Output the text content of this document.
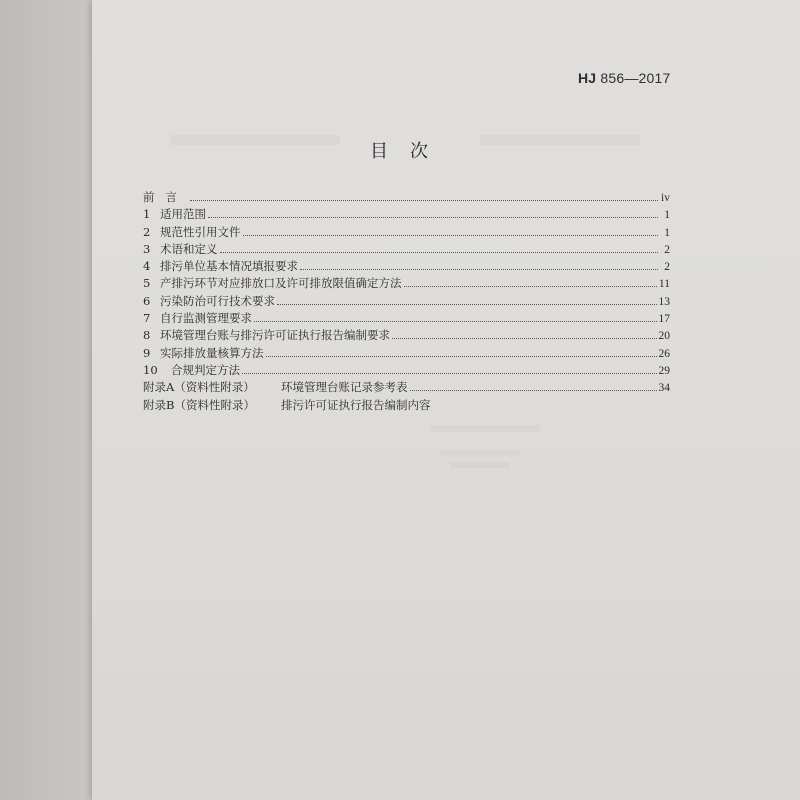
HJ 856—2017
目次
前言	iv
1 适用范围	1
2 规范性引用文件	1
3 术语和定义	2
4 排污单位基本情况填报要求	2
5 产排污环节对应排放口及许可排放限值确定方法	11
6 污染防治可行技术要求	13
7 自行监测管理要求	17
8 环境管理台账与排污许可证执行报告编制要求	20
9 实际排放量核算方法	26
10	合规判定方法	29
附录A（资料性附录）	环境管理台账记录参考表	34
附录B（资料性附录）	排污许可证执行报告编制内容
